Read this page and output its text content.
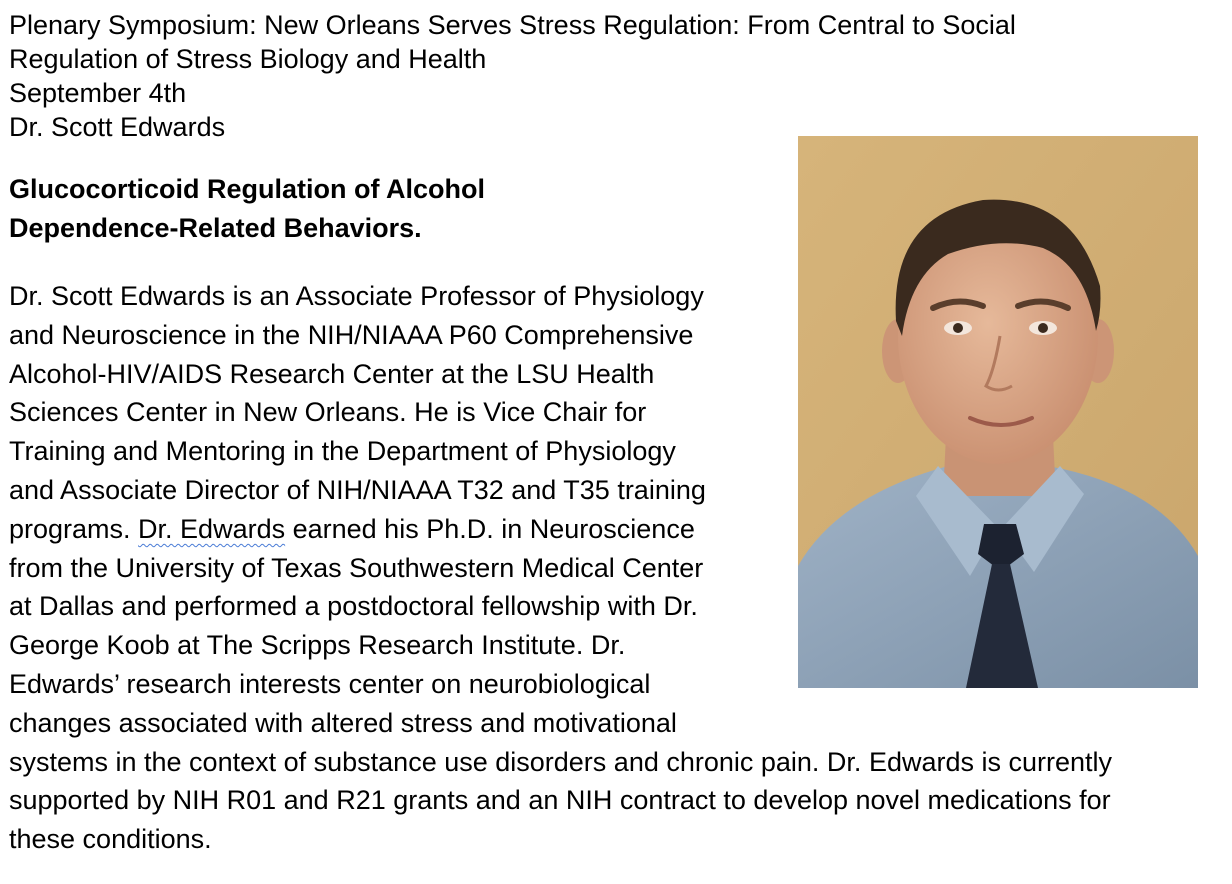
Plenary Symposium: New Orleans Serves Stress Regulation: From Central to Social
Regulation of Stress Biology and Health
September 4th
Dr. Scott Edwards
Glucocorticoid Regulation of Alcohol
Dependence-Related Behaviors.
Dr. Scott Edwards is an Associate Professor of Physiology
and Neuroscience in the NIH/NIAAA P60 Comprehensive
Alcohol-HIV/AIDS Research Center at the LSU Health
Sciences Center in New Orleans. He is Vice Chair for
Training and Mentoring in the Department of Physiology
and Associate Director of NIH/NIAAA T32 and T35 training
programs. Dr. Edwards earned his Ph.D. in Neuroscience
from the University of Texas Southwestern Medical Center
at Dallas and performed a postdoctoral fellowship with Dr.
George Koob at The Scripps Research Institute. Dr.
Edwards’ research interests center on neurobiological
changes associated with altered stress and motivational
systems in the context of substance use disorders and chronic pain. Dr. Edwards is currently
supported by NIH R01 and R21 grants and an NIH contract to develop novel medications for
these conditions.
